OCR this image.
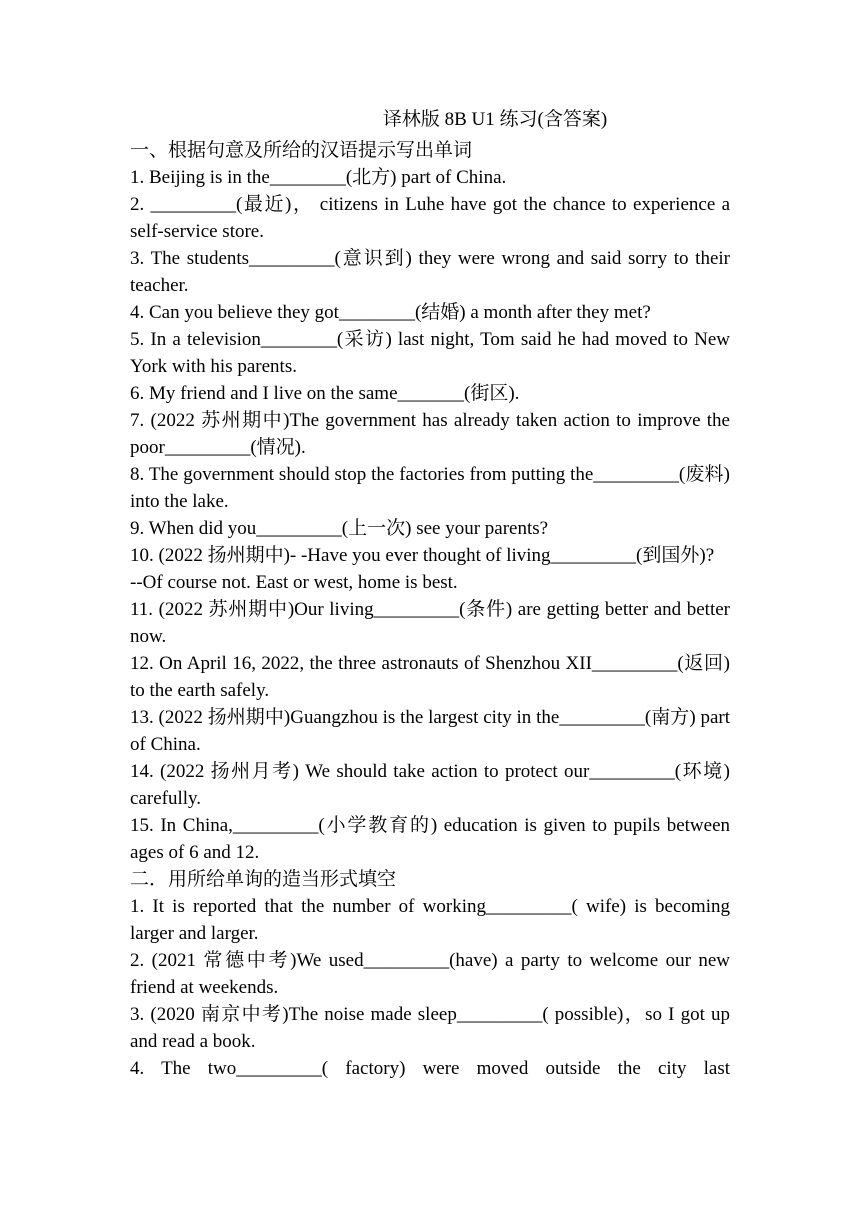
译林版 8B U1 练习(含答案)

一、根据句意及所给的汉语提示写出单词

1. Beijing is in the________(北方) part of China.

2. _________(最近)， citizens in Luhe have got the chance to experience a self-service store.

3. The students_________(意识到) they were wrong and said sorry to their teacher.

4. Can you believe they got________(结婚) a month after they met?

5. In a television________(采访) last night, Tom said he had moved to New York with his parents.

6. My friend and I live on the same_______(街区).

7. (2022 苏州期中)The government has already taken action to improve the poor_________(情况).

8. The government should stop the factories from putting the_________(废料) into the lake.

9. When did you_________(上一次) see your parents?

10. (2022 扬州期中)- -Have you ever thought of living_________(到国外)?

--Of course not. East or west, home is best.

11. (2022 苏州期中)Our living_________(条件) are getting better and better now.

12. On April 16, 2022, the three astronauts of Shenzhou XII_________(返回) to the earth safely.

13. (2022 扬州期中)Guangzhou is the largest city in the_________(南方) part of China.

14. (2022 扬州月考) We should take action to protect our_________(环境) carefully.

15. In China,_________(小学教育的) education is given to pupils between ages of 6 and 12.

二．用所给单询的造当形式填空

1. It is reported that the number of working_________( wife) is becoming larger and larger.

2. (2021 常德中考)We used_________(have) a party to welcome our new friend at weekends.

3. (2020 南京中考)The noise made sleep_________( possible)，so I got up and read a book.

4. The two_________( factory) were moved outside the city last
